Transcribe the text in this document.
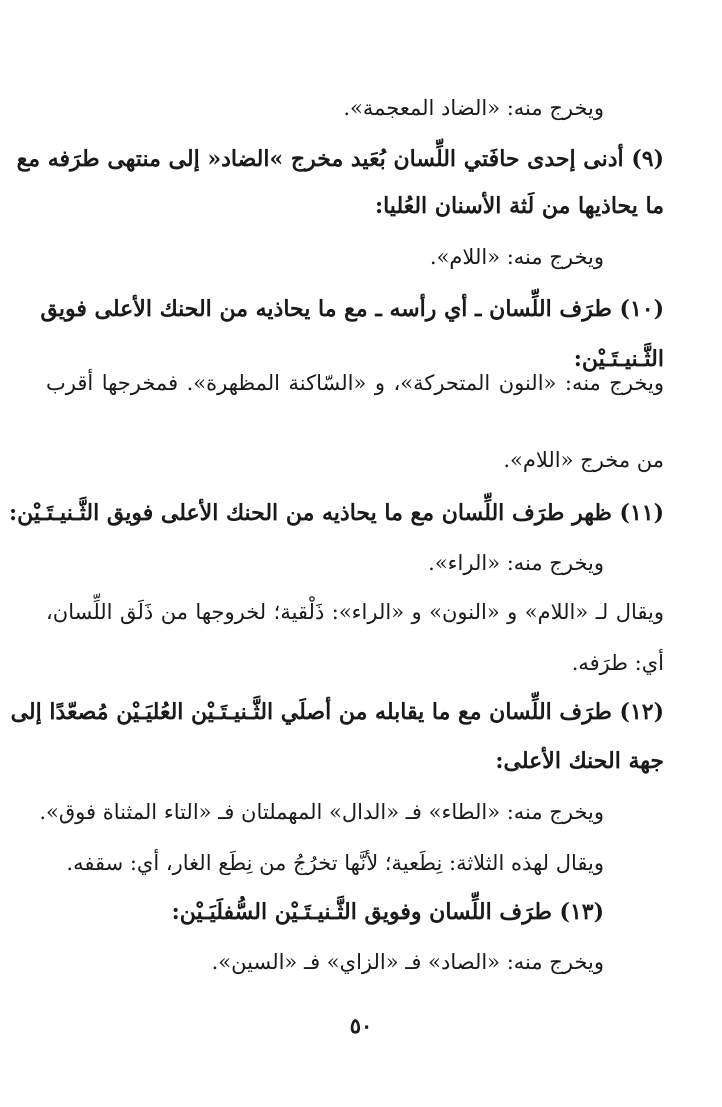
ويخرج منه: «الضاد المعجمة».
(٩) أدنى إحدى حافَتي اللِّسان بُعَيد مخرج »الضاد« إلى منتهى طرَفه مع
ما يحاذيها من لَثة الأسنان العُليا:
ويخرج منه: «اللام».
(١٠) طرَف اللِّسان ـ أي رأسه ـ مع ما يحاذيه من الحنك الأعلى فويق
الثَّـنيـتَـيْن:
ويخرج منه: «النون المتحركة»، و «السّاكنة المظهرة». فمخرجها أقرب
من مخرج «اللام».
(١١) ظهر طرَف اللِّسان مع ما يحاذيه من الحنك الأعلى فويق الثَّـنيـتَـيْن:
ويخرج منه: «الراء».
ويقال لـ «اللام» و «النون» و «الراء»: ذَلْقية؛ لخروجها من ذَلَق اللِّسان،
أي: طرَفه.
(١٢) طرَف اللِّسان مع ما يقابله من أصلَي الثَّـنيـتَـيْن العُليَـيْن مُصعّدًا إلى
جهة الحنك الأعلى:
ويخرج منه: «الطاء» فـ «الدال» المهملتان فـ «التاء المثناة فوق».
ويقال لهذه الثلاثة: نِطَعية؛ لأنَّها تخرُجُ من نِطَع الغار، أي: سقفه.
(١٣) طرَف اللِّسان وفويق الثَّـنيـتَـيْن السُّفلَيَـيْن:
ويخرج منه: «الصاد» فـ «الزاي» فـ «السين».
٥٠
